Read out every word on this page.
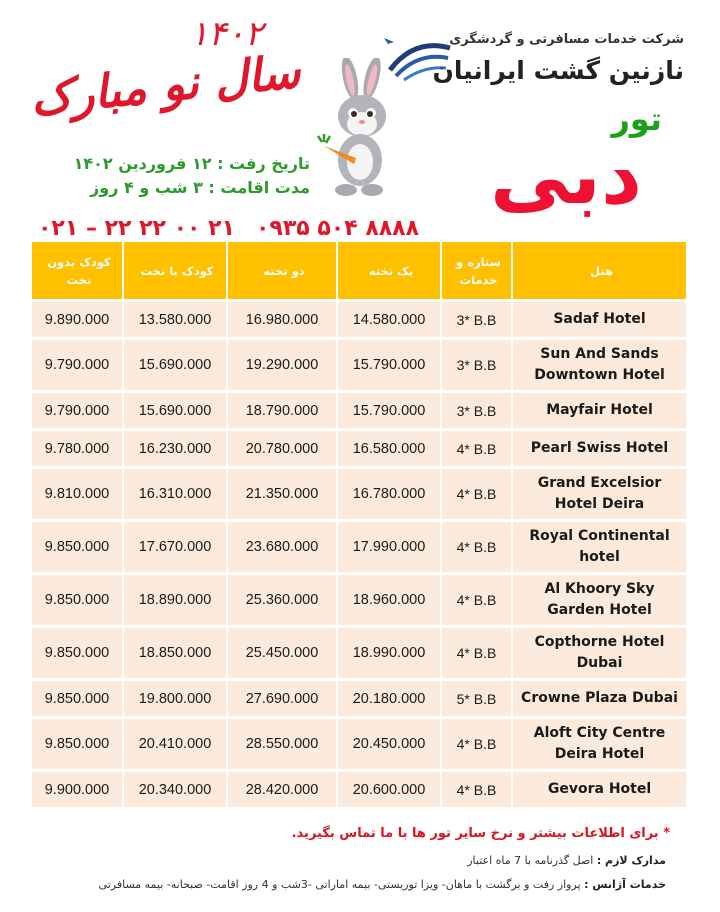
۱۴۰۲
سال نو مبارک
شرکت خدمات مسافرتی و گردشگری
نازنین گشت ایرانیان
تور
دبی
تاریخ رفت : ۱۲ فروردین ۱۴۰۲
مدت اقامت : ۳ شب و ۴ روز
۰۲۱ – ۲۲ ۲۲ ۰۰ ۲۱ ۰۹۳۵ ۵۰۴ ۸۸۸۸
کودک بدون تخت	کودک با تخت	دو تخته	یک تخته	ستاره و خدمات	هتل
9.890.000	13.580.000	16.980.000	14.580.000	3* B.B	Sadaf Hotel
9.790.000	15.690.000	19.290.000	15.790.000	3* B.B	Sun And Sands Downtown Hotel
9.790.000	15.690.000	18.790.000	15.790.000	3* B.B	Mayfair Hotel
9.780.000	16.230.000	20.780.000	16.580.000	4* B.B	Pearl Swiss Hotel
9.810.000	16.310.000	21.350.000	16.780.000	4* B.B	Grand Excelsior Hotel Deira
9.850.000	17.670.000	23.680.000	17.990.000	4* B.B	Royal Continental hotel
9.850.000	18.890.000	25.360.000	18.960.000	4* B.B	Al Khoory Sky Garden Hotel
9.850.000	18.850.000	25.450.000	18.990.000	4* B.B	Copthorne Hotel Dubai
9.850.000	19.800.000	27.690.000	20.180.000	5* B.B	Crowne Plaza Dubai
9.850.000	20.410.000	28.550.000	20.450.000	4* B.B	Aloft City Centre Deira Hotel
9.900.000	20.340.000	28.420.000	20.600.000	4* B.B	Gevora Hotel
* برای اطلاعات بیشتر و نرخ سایر تور ها با ما تماس بگیرید.
مدارک لازم : اصل گذرنامه با 7 ماه اعتبار
خدمات آژانس : پرواز رفت و برگشت با ماهان- ویزا توریستی- بیمه اماراتی -3شب و 4 روز اقامت- صبحانه- بیمه مسافرتی
